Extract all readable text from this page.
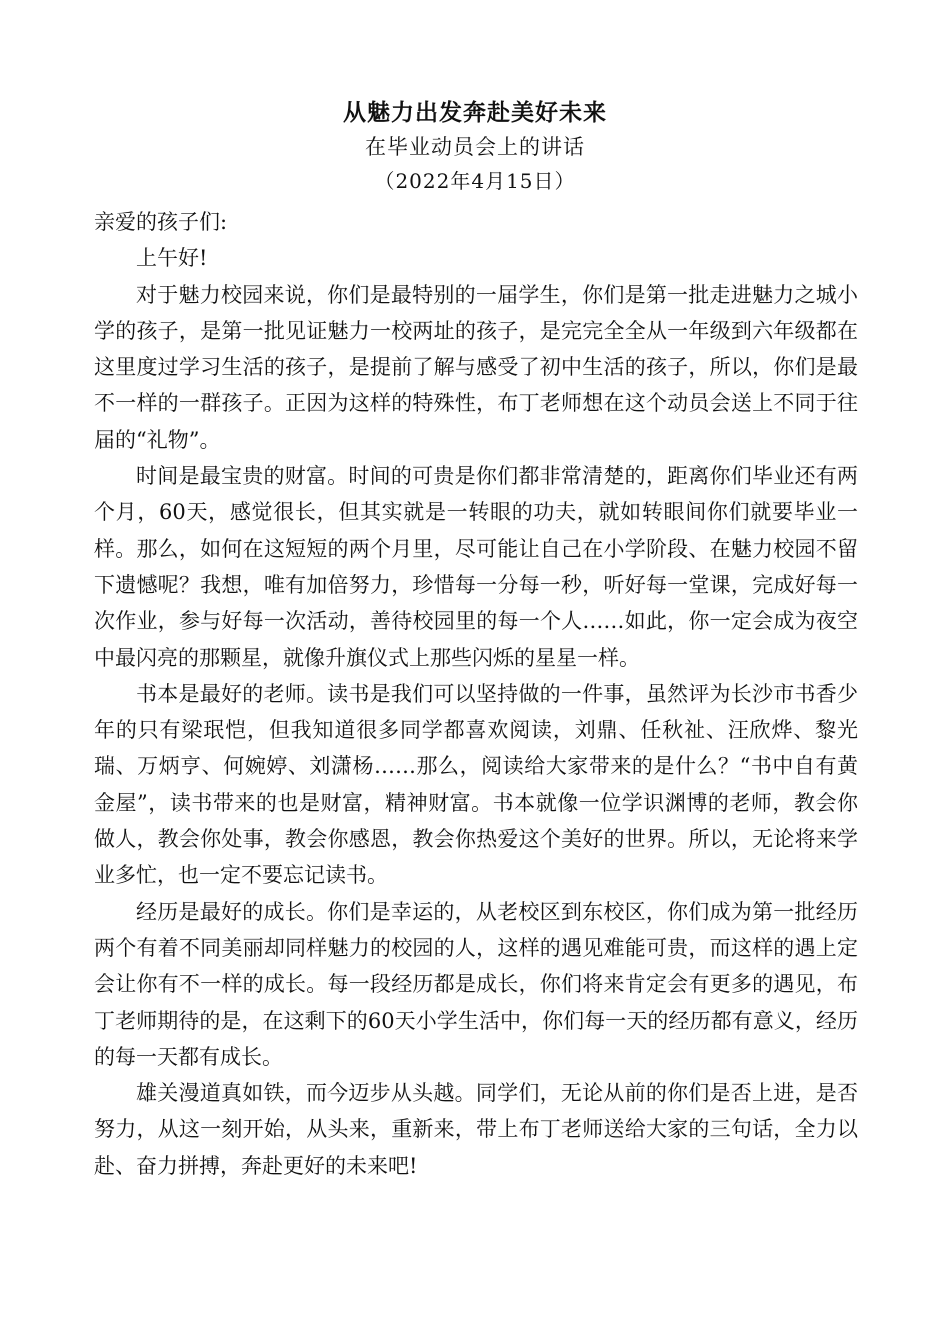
从魅力出发奔赴美好未来

在毕业动员会上的讲话

（2022年4月15日）

亲爱的孩子们:

上午好!

对于魅力校园来说，你们是最特别的一届学生，你们是第一批走进魅力之城小学的孩子，是第一批见证魅力一校两址的孩子，是完完全全从一年级到六年级都在这里度过学习生活的孩子，是提前了解与感受了初中生活的孩子，所以，你们是最不一样的一群孩子。正因为这样的特殊性，布丁老师想在这个动员会送上不同于往届的“礼物”。

时间是最宝贵的财富。时间的可贵是你们都非常清楚的，距离你们毕业还有两个月，60天，感觉很长，但其实就是一转眼的功夫，就如转眼间你们就要毕业一样。那么，如何在这短短的两个月里，尽可能让自己在小学阶段、在魅力校园不留下遗憾呢？我想，唯有加倍努力，珍惜每一分每一秒，听好每一堂课，完成好每一次作业，参与好每一次活动，善待校园里的每一个人……如此，你一定会成为夜空中最闪亮的那颗星，就像升旗仪式上那些闪烁的星星一样。

书本是最好的老师。读书是我们可以坚持做的一件事，虽然评为长沙市书香少年的只有梁珉恺，但我知道很多同学都喜欢阅读，刘鼎、任秋祉、汪欣烨、黎光瑞、万炳亨、何婉婷、刘潇杨……那么，阅读给大家带来的是什么？“书中自有黄金屋”，读书带来的也是财富，精神财富。书本就像一位学识渊博的老师，教会你做人，教会你处事，教会你感恩，教会你热爱这个美好的世界。所以，无论将来学业多忙，也一定不要忘记读书。

经历是最好的成长。你们是幸运的，从老校区到东校区，你们成为第一批经历两个有着不同美丽却同样魅力的校园的人，这样的遇见难能可贵，而这样的遇上定会让你有不一样的成长。每一段经历都是成长，你们将来肯定会有更多的遇见，布丁老师期待的是，在这剩下的60天小学生活中，你们每一天的经历都有意义，经历的每一天都有成长。

雄关漫道真如铁，而今迈步从头越。同学们，无论从前的你们是否上进，是否努力，从这一刻开始，从头来，重新来，带上布丁老师送给大家的三句话，全力以赴、奋力拼搏，奔赴更好的未来吧!
